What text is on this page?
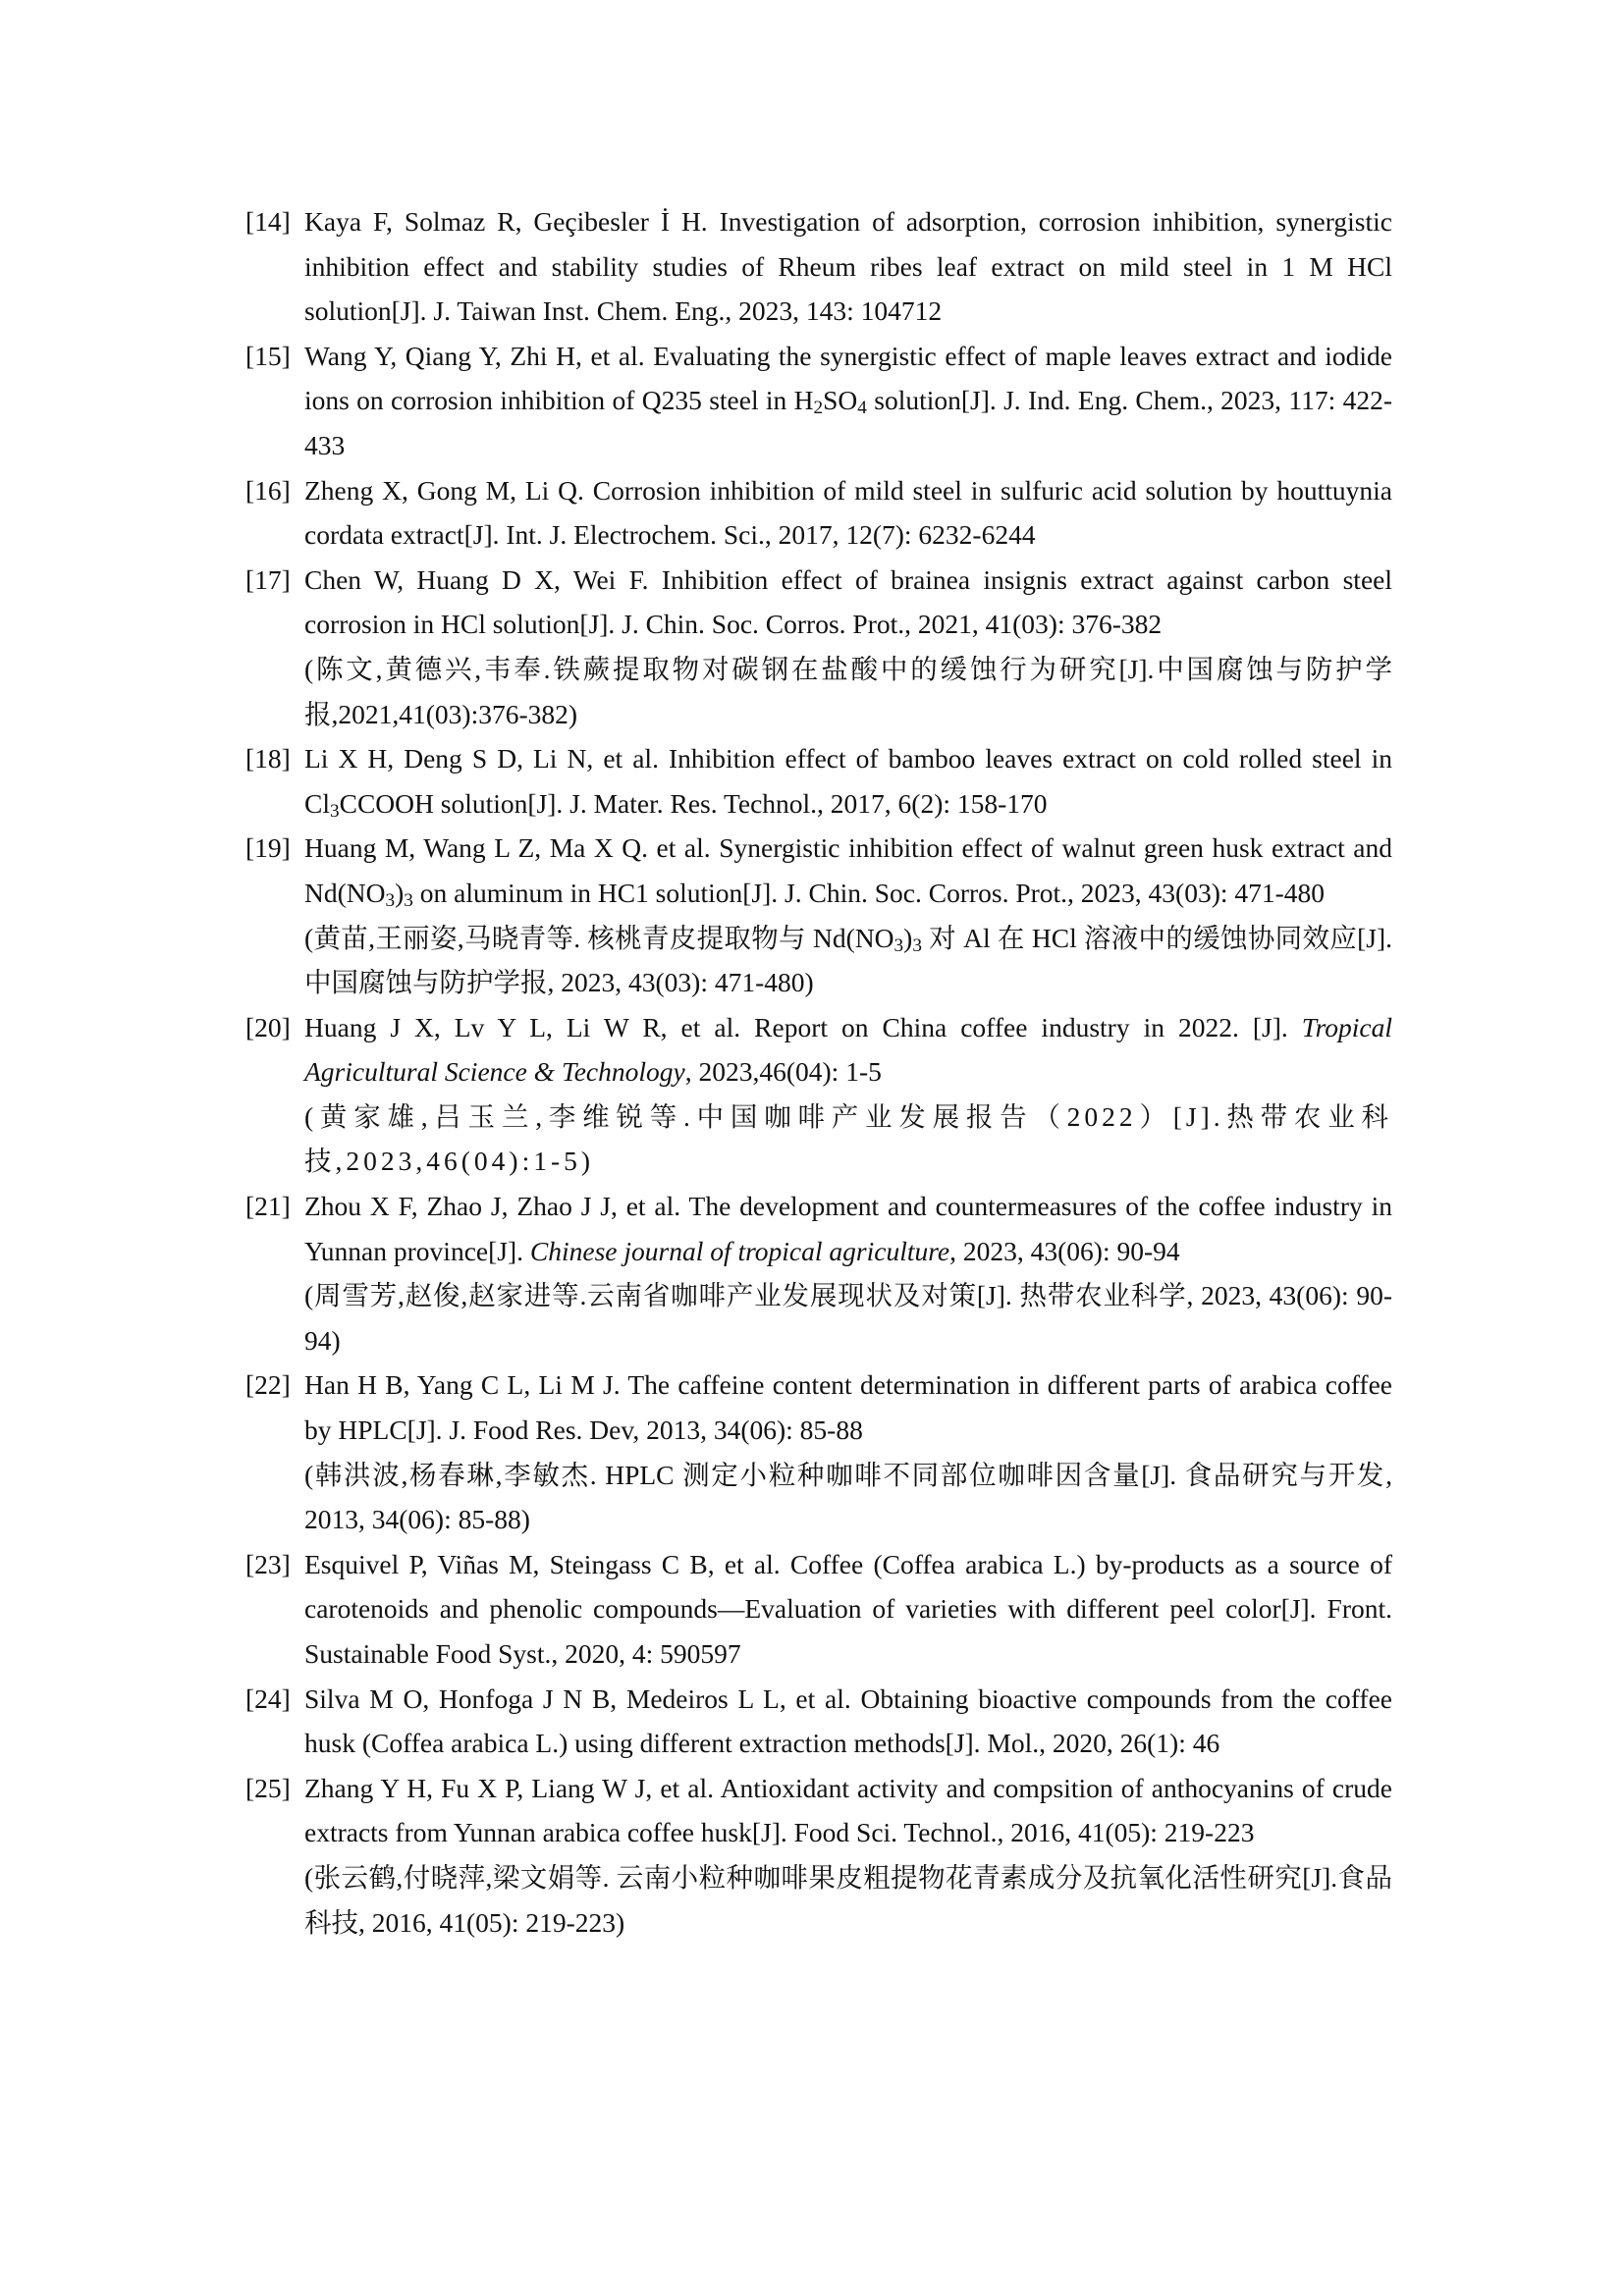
[14] Kaya F, Solmaz R, Geçibesler İ H. Investigation of adsorption, corrosion inhibition, synergistic inhibition effect and stability studies of Rheum ribes leaf extract on mild steel in 1 M HCl solution[J]. J. Taiwan Inst. Chem. Eng., 2023, 143: 104712
[15] Wang Y, Qiang Y, Zhi H, et al. Evaluating the synergistic effect of maple leaves extract and iodide ions on corrosion inhibition of Q235 steel in $H_2SO_4$ solution[J]. J. Ind. Eng. Chem., 2023, 117: 422-433
[16] Zheng X, Gong M, Li Q. Corrosion inhibition of mild steel in sulfuric acid solution by houttuynia cordata extract[J]. Int. J. Electrochem. Sci., 2017, 12(7): 6232-6244
[17] Chen W, Huang D X, Wei F. Inhibition effect of brainea insignis extract against carbon steel corrosion in HCl solution[J]. J. Chin. Soc. Corros. Prot., 2021, 41(03): 376-382
(陈文,黄德兴,韦奉.铁蕨提取物对碳钢在盐酸中的缓蚀行为研究[J].中国腐蚀与防护学报,2021,41(03):376-382)
[18] Li X H, Deng S D, Li N, et al. Inhibition effect of bamboo leaves extract on cold rolled steel in $Cl_3CCOOH$ solution[J]. J. Mater. Res. Technol., 2017, 6(2): 158-170
[19] Huang M, Wang L Z, Ma X Q. et al. Synergistic inhibition effect of walnut green husk extract and $Nd(NO_3)_3$ on aluminum in HC1 solution[J]. J. Chin. Soc. Corros. Prot., 2023, 43(03): 471-480
(黄苗,王丽姿,马晓青等. 核桃青皮提取物与 $Nd(NO_3)_3$ 对 Al 在 HCl 溶液中的缓蚀协同效应[J]. 中国腐蚀与防护学报, 2023, 43(03): 471-480)
[20] Huang J X, Lv Y L, Li W R, et al. Report on China coffee industry in 2022. [J]. Tropical Agricultural Science & Technology, 2023,46(04): 1-5
(黄家雄,吕玉兰,李维锐等.中国咖啡产业发展报告（2022）[J].热带农业科技,2023,46(04):1-5)
[21] Zhou X F, Zhao J, Zhao J J, et al. The development and countermeasures of the coffee industry in Yunnan province[J]. Chinese journal of tropical agriculture, 2023, 43(06): 90-94
(周雪芳,赵俊,赵家进等.云南省咖啡产业发展现状及对策[J]. 热带农业科学, 2023, 43(06): 90-94)
[22] Han H B, Yang C L, Li M J. The caffeine content determination in different parts of arabica coffee by HPLC[J]. J. Food Res. Dev, 2013, 34(06): 85-88
(韩洪波,杨春琳,李敏杰. HPLC 测定小粒种咖啡不同部位咖啡因含量[J]. 食品研究与开发, 2013, 34(06): 85-88)
[23] Esquivel P, Viñas M, Steingass C B, et al. Coffee (Coffea arabica L.) by-products as a source of carotenoids and phenolic compounds—Evaluation of varieties with different peel color[J]. Front. Sustainable Food Syst., 2020, 4: 590597
[24] Silva M O, Honfoga J N B, Medeiros L L, et al. Obtaining bioactive compounds from the coffee husk (Coffea arabica L.) using different extraction methods[J]. Mol., 2020, 26(1): 46
[25] Zhang Y H, Fu X P, Liang W J, et al. Antioxidant activity and compsition of anthocyanins of crude extracts from Yunnan arabica coffee husk[J]. Food Sci. Technol., 2016, 41(05): 219-223
(张云鹤,付晓萍,梁文娟等. 云南小粒种咖啡果皮粗提物花青素成分及抗氧化活性研究[J].食品科技, 2016, 41(05): 219-223)
